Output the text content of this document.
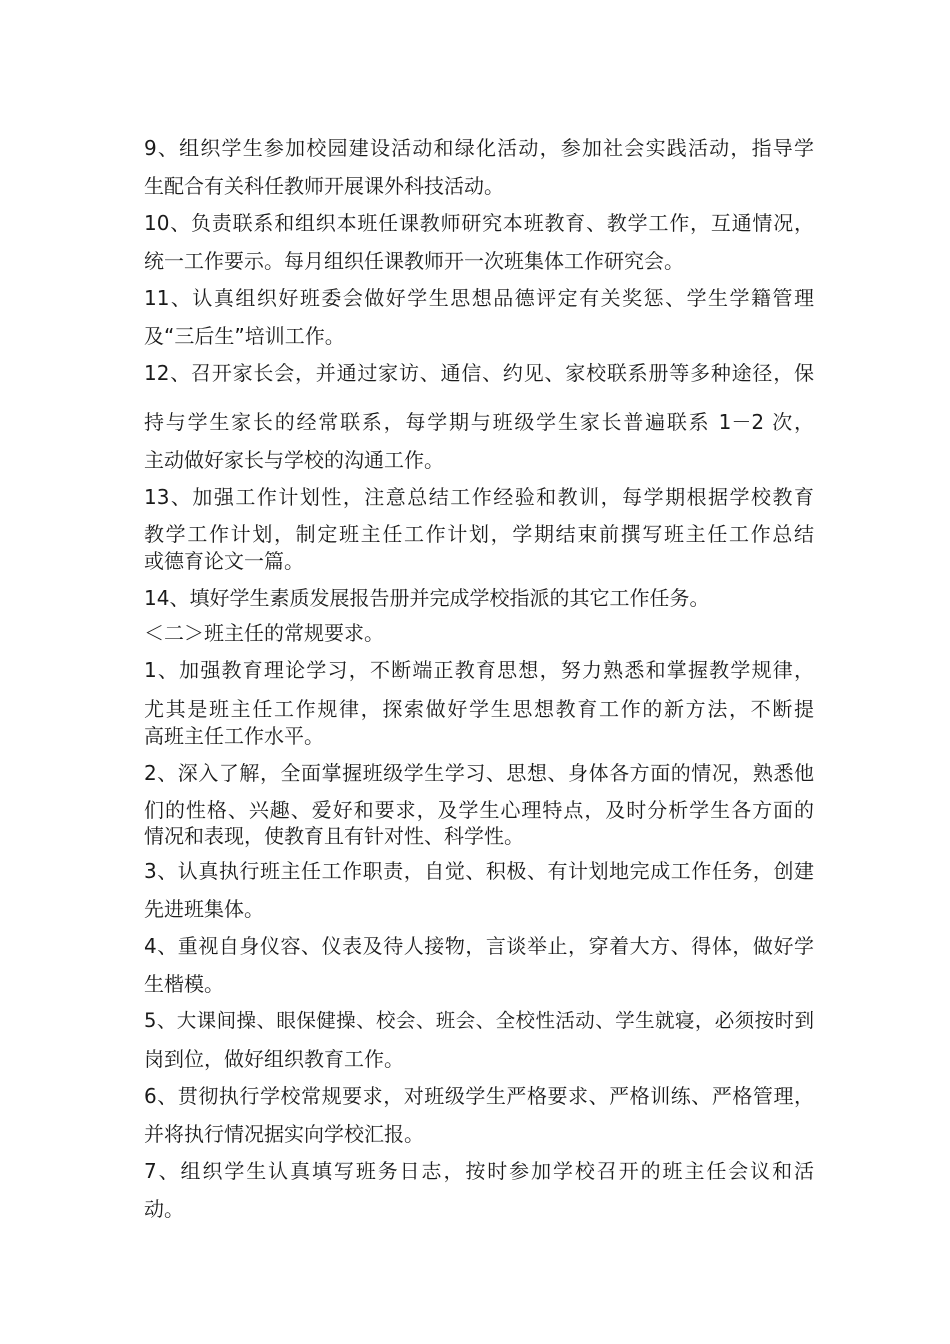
9、组织学生参加校园建设活动和绿化活动，参加社会实践活动，指导学
生配合有关科任教师开展课外科技活动。
10、负责联系和组织本班任课教师研究本班教育、教学工作，互通情况，
统一工作要示。每月组织任课教师开一次班集体工作研究会。
11、认真组织好班委会做好学生思想品德评定有关奖惩、学生学籍管理
及“三后生”培训工作。
12、召开家长会，并通过家访、通信、约见、家校联系册等多种途径，保
持与学生家长的经常联系，每学期与班级学生家长普遍联系 1－2 次，
主动做好家长与学校的沟通工作。
13、加强工作计划性，注意总结工作经验和教训，每学期根据学校教育
教学工作计划，制定班主任工作计划，学期结束前撰写班主任工作总结
或德育论文一篇。
14、填好学生素质发展报告册并完成学校指派的其它工作任务。
＜二＞班主任的常规要求。
1、加强教育理论学习，不断端正教育思想，努力熟悉和掌握教学规律，
尤其是班主任工作规律，探索做好学生思想教育工作的新方法，不断提
高班主任工作水平。
2、深入了解，全面掌握班级学生学习、思想、身体各方面的情况，熟悉他
们的性格、兴趣、爱好和要求，及学生心理特点，及时分析学生各方面的
情况和表现，使教育且有针对性、科学性。
3、认真执行班主任工作职责，自觉、积极、有计划地完成工作任务，创建
先进班集体。
4、重视自身仪容、仪表及待人接物，言谈举止，穿着大方、得体，做好学
生楷模。
5、大课间操、眼保健操、校会、班会、全校性活动、学生就寝，必须按时到
岗到位，做好组织教育工作。
6、贯彻执行学校常规要求，对班级学生严格要求、严格训练、严格管理，
并将执行情况据实向学校汇报。
7、组织学生认真填写班务日志，按时参加学校召开的班主任会议和活
动。
